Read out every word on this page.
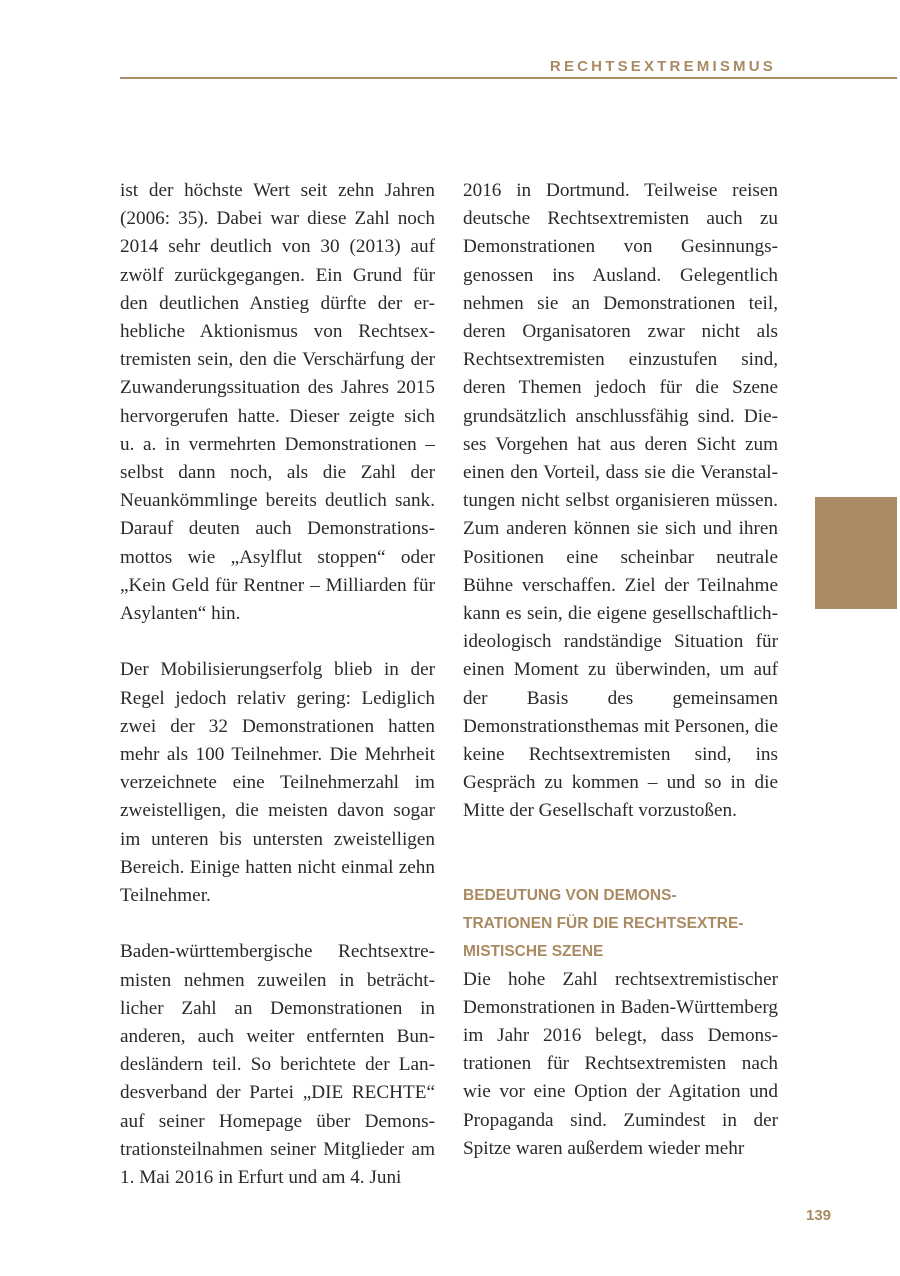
RECHTSEXTREMISMUS

ist der höchste Wert seit zehn Jahren (2006: 35). Dabei war diese Zahl noch 2014 sehr deutlich von 30 (2013) auf zwölf zurückgegangen. Ein Grund für den deutlichen Anstieg dürfte der erhebliche Aktionismus von Rechtsextremisten sein, den die Verschärfung der Zuwanderungssituation des Jahres 2015 hervorgerufen hatte. Dieser zeigte sich u. a. in vermehrten Demonstrationen – selbst dann noch, als die Zahl der Neuankömmlinge bereits deutlich sank. Darauf deuten auch Demonstrationsmottos wie „Asylflut stoppen“ oder „Kein Geld für Rentner – Milliarden für Asylanten“ hin.

Der Mobilisierungserfolg blieb in der Regel jedoch relativ gering: Lediglich zwei der 32 Demonstrationen hatten mehr als 100 Teilnehmer. Die Mehrheit verzeichnete eine Teilnehmerzahl im zweistelligen, die meisten davon sogar im unteren bis untersten zweistelligen Bereich. Einige hatten nicht einmal zehn Teilnehmer.

Baden-württembergische Rechtsextremisten nehmen zuweilen in beträchtlicher Zahl an Demonstrationen in anderen, auch weiter entfernten Bundesländern teil. So berichtete der Landesverband der Partei „DIE RECHTE“ auf seiner Homepage über Demonstrationsteilnahmen seiner Mitglieder am 1. Mai 2016 in Erfurt und am 4. Juni

2016 in Dortmund. Teilweise reisen deutsche Rechtsextremisten auch zu Demonstrationen von Gesinnungsgenossen ins Ausland. Gelegentlich nehmen sie an Demonstrationen teil, deren Organisatoren zwar nicht als Rechtsextremisten einzustufen sind, deren Themen jedoch für die Szene grundsätzlich anschlussfähig sind. Dieses Vorgehen hat aus deren Sicht zum einen den Vorteil, dass sie die Veranstaltungen nicht selbst organisieren müssen. Zum anderen können sie sich und ihren Positionen eine scheinbar neutrale Bühne verschaffen. Ziel der Teilnahme kann es sein, die eigene gesellschaftlich-ideologisch randständige Situation für einen Moment zu überwinden, um auf der Basis des gemeinsamen Demonstrationsthemas mit Personen, die keine Rechtsextremisten sind, ins Gespräch zu kommen – und so in die Mitte der Gesellschaft vorzustoßen.

BEDEUTUNG VON DEMONS-
TRATIONEN FÜR DIE RECHTSEXTRE-
MISTISCHE SZENE

Die hohe Zahl rechtsextremistischer Demonstrationen in Baden-Württemberg im Jahr 2016 belegt, dass Demonstrationen für Rechtsextremisten nach wie vor eine Option der Agitation und Propaganda sind. Zumindest in der Spitze waren außerdem wieder mehr

139
